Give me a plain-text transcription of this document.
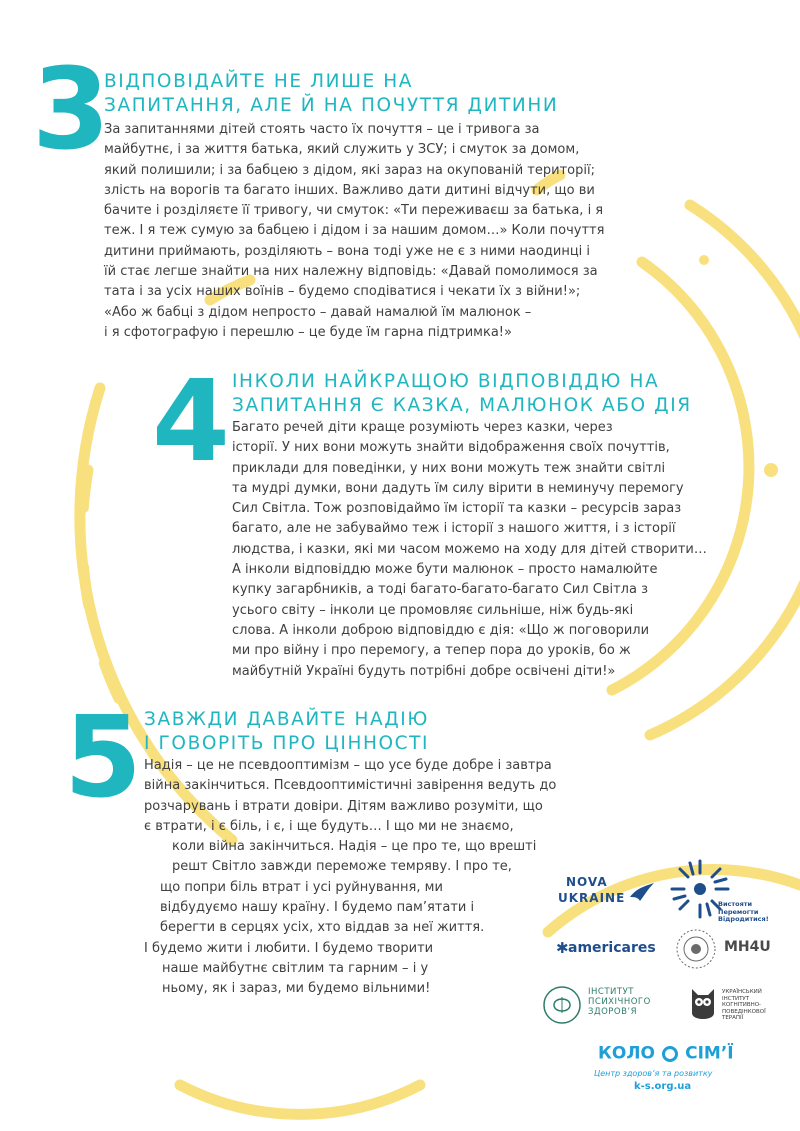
3
ВІДПОВІДАЙТЕ НЕ ЛИШЕ НА
ЗАПИТАННЯ, АЛЕ Й НА ПОЧУТТЯ ДИТИНИ
За запитаннями дітей стоять часто їх почуття – це і тривога за
майбутнє, і за життя батька, який служить у ЗСУ; і смуток за домом,
який полишили; і за бабцею з дідом, які зараз на окупованій території;
злість на ворогів та багато інших. Важливо дати дитині відчути, що ви
бачите і розділяєте її тривогу, чи смуток: «Ти переживаєш за батька, і я
теж. І я теж сумую за бабцею і дідом і за нашим домом…» Коли почуття
дитини приймають, розділяють – вона тоді уже не є з ними наодинці і
їй стає легше знайти на них належну відповідь: «Давай помолимося за
тата і за усіх наших воїнів – будемо сподіватися і чекати їх з війни!»;
«Або ж бабці з дідом непросто – давай намалюй їм малюнок –
і я сфотографую і перешлю – це буде їм гарна підтримка!»
4 ІНКОЛИ НАЙКРАЩОЮ ВІДПОВІДДЮ НА
ЗАПИТАННЯ Є КАЗКА, МАЛЮНОК АБО ДІЯ
Багато речей діти краще розуміють через казки, через
історії. У них вони можуть знайти відображення своїх почуттів,
приклади для поведінки, у них вони можуть теж знайти світлі
та мудрі думки, вони дадуть їм силу вірити в неминучу перемогу
Сил Світла. Тож розповідаймо їм історії та казки – ресурсів зараз
багато, але не забуваймо теж і історії з нашого життя, і з історії
людства, і казки, які ми часом можемо на ходу для дітей створити…
А інколи відповіддю може бути малюнок – просто намалюйте
купку загарбників, а тоді багато-багато-багато Сил Світла з
усього світу – інколи це промовляє сильніше, ніж будь-які
слова. А інколи доброю відповіддю є дія: «Що ж поговорили
ми про війну і про перемогу, а тепер пора до уроків, бо ж
майбутній Україні будуть потрібні добре освічені діти!»
5 ЗАВЖДИ ДАВАЙТЕ НАДІЮ
І ГОВОРІТЬ ПРО ЦІННОСТІ
Надія – це не псевдооптимізм – що усе буде добре і завтра
війна закінчиться. Псевдооптимістичні завірення ведуть до
розчарувань і втрати довіри. Дітям важливо розуміти, що
є втрати, і є біль, і є, і ще будуть… І що ми не знаємо,
коли війна закінчиться. Надія – це про те, що врешті
решт Світло завжди переможе темряву. І про те,
що попри біль втрат і усі руйнування, ми
відбудуємо нашу країну. І будемо пам’ятати і
берегти в серцях усіх, хто віддав за неї життя.
І будемо жити і любити. І будемо творити
наше майбутнє світлим та гарним – і у
ньому, як і зараз, ми будемо вільними!
NOVA
UKRAINE	Вистояти
Перемогти
Відродитися!
✱ americares	MH4U
ІНСТИТУТ
ПСИХІЧНОГО
ЗДОРОВ’Я
УКРАЇНСЬКИЙ
ІНСТИТУТ
КОГНІТИВНО-
ПОВЕДІНКОВОЇ
ТЕРАПІЇ
КОЛО СІМ’Ї
Центр здоров’я та розвитку
k-s.org.ua
